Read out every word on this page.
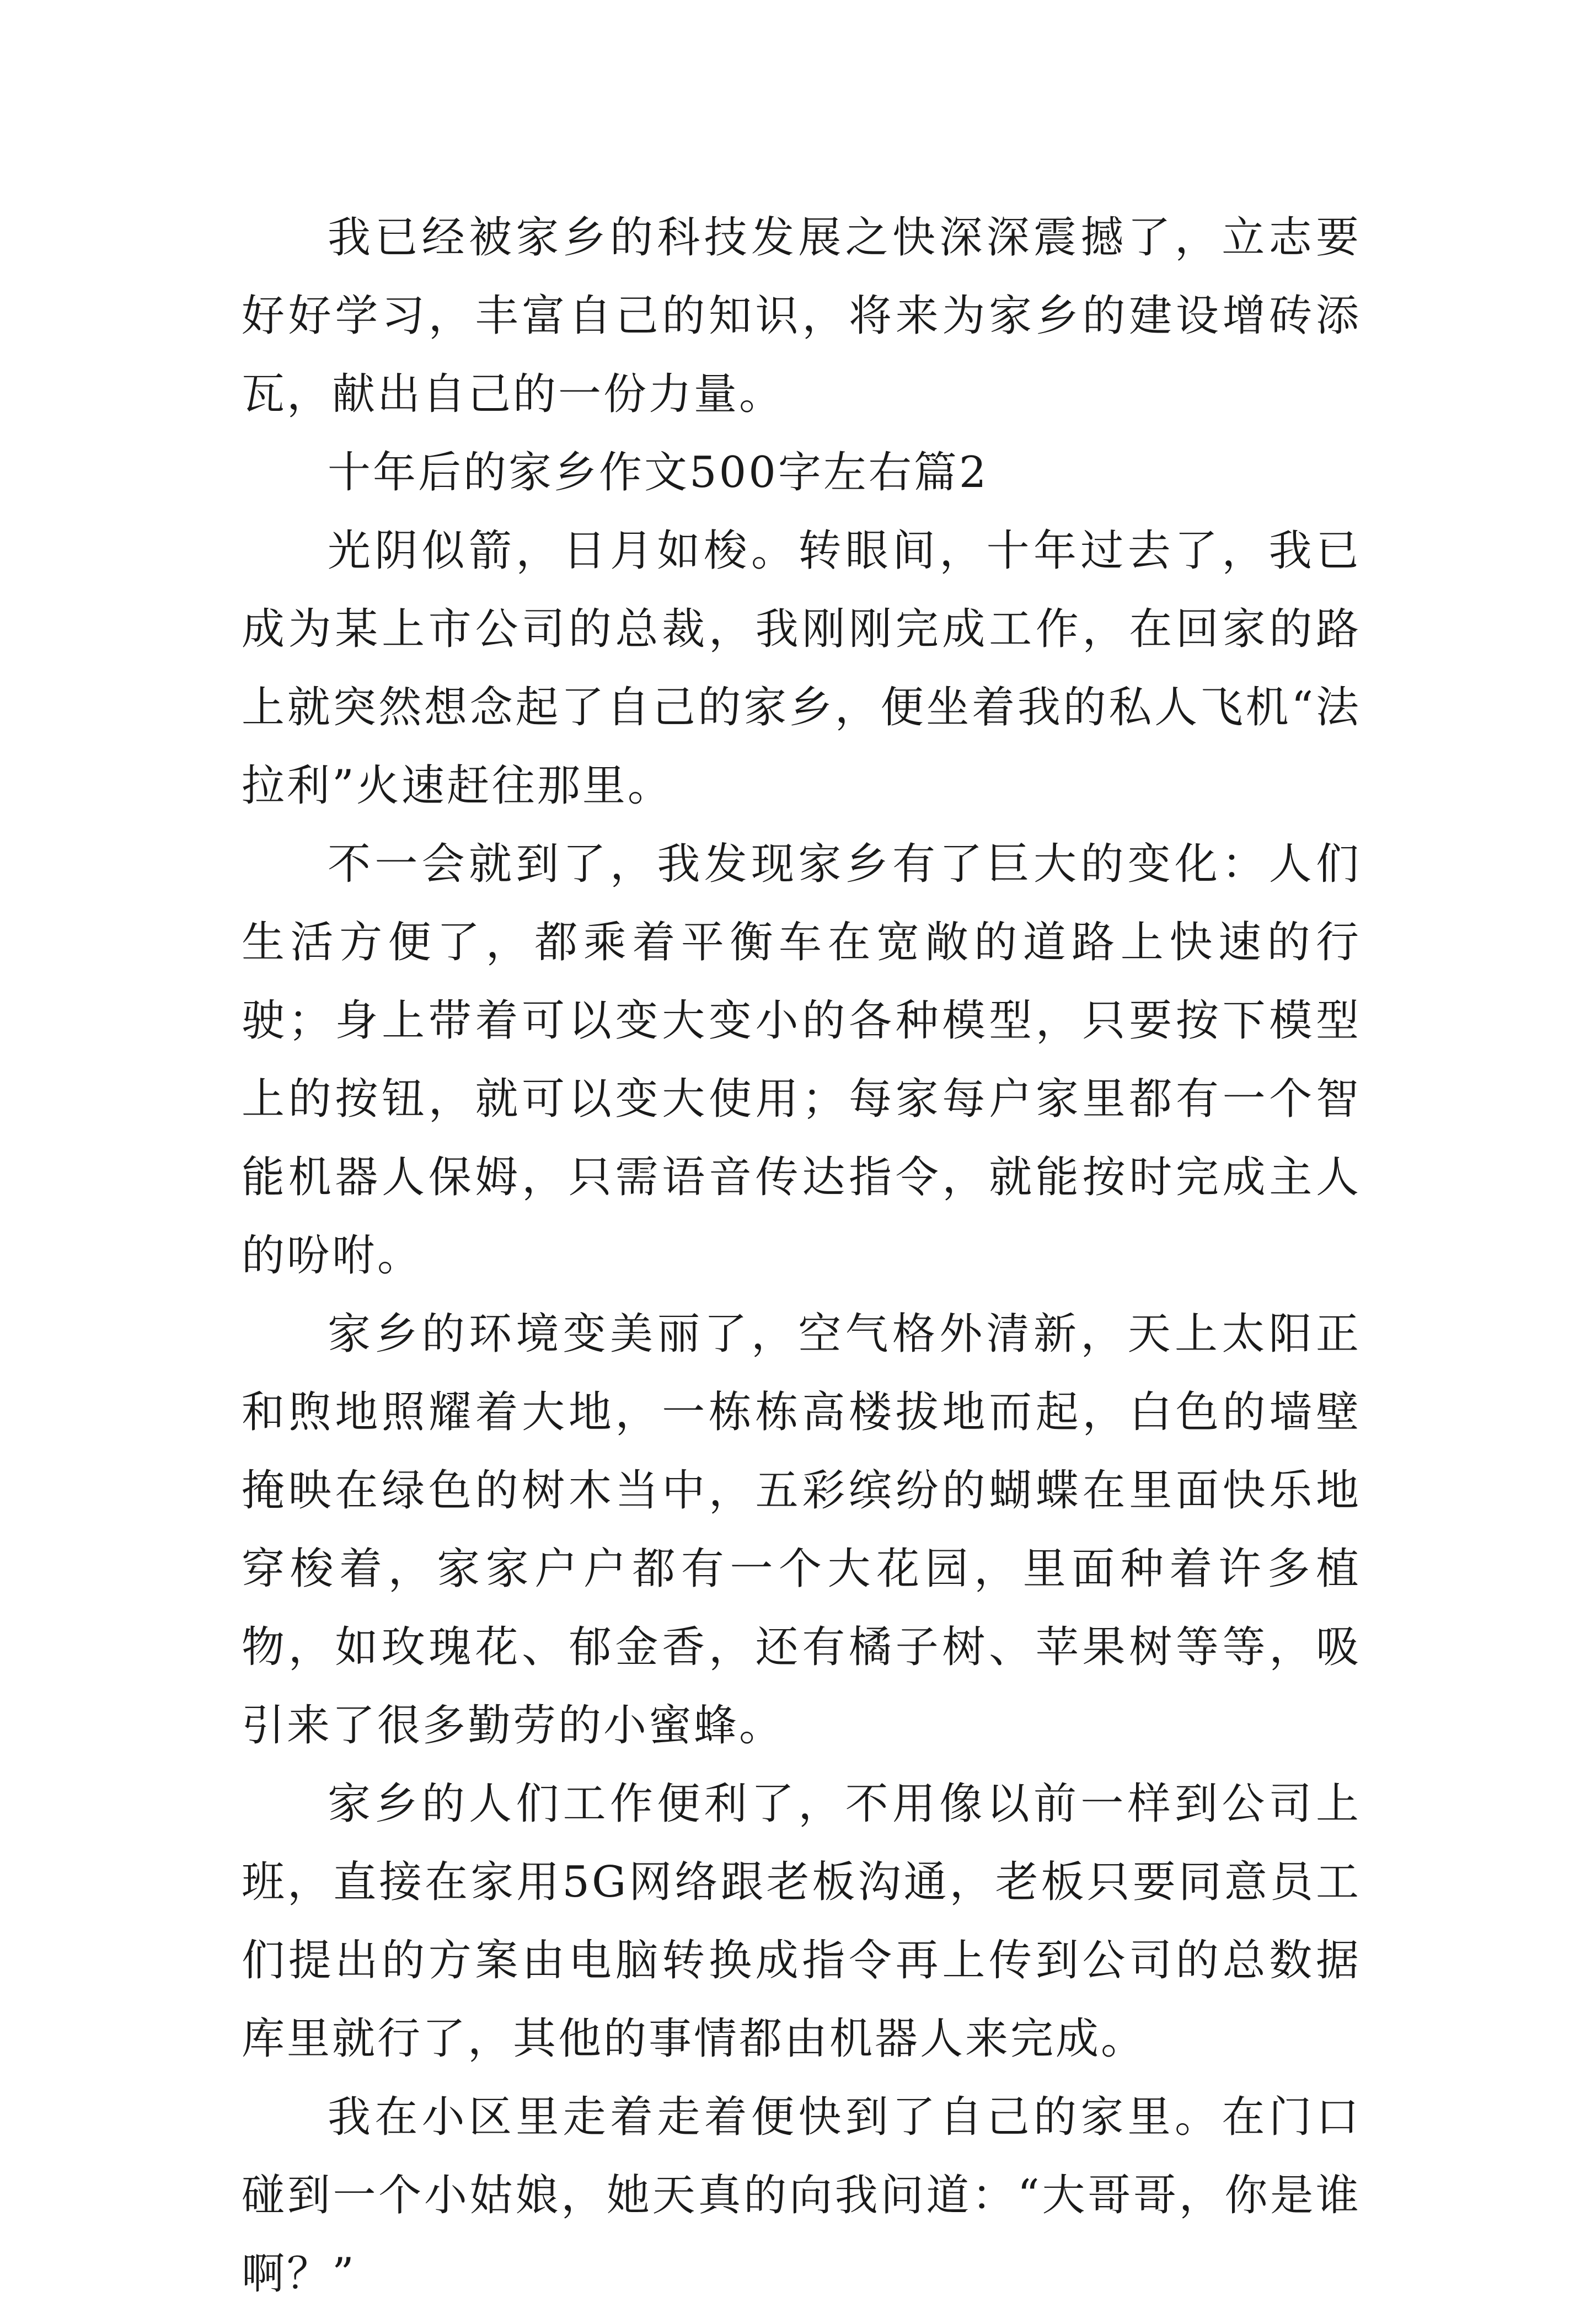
我已经被家乡的科技发展之快深深震撼了，立志要好好学习，丰富自己的知识，将来为家乡的建设增砖添瓦，献出自己的一份力量。

十年后的家乡作文500字左右篇2

光阴似箭，日月如梭。转眼间，十年过去了，我已成为某上市公司的总裁，我刚刚完成工作，在回家的路上就突然想念起了自己的家乡，便坐着我的私人飞机“法拉利”火速赶往那里。

不一会就到了，我发现家乡有了巨大的变化：人们生活方便了，都乘着平衡车在宽敞的道路上快速的行驶；身上带着可以变大变小的各种模型，只要按下模型上的按钮，就可以变大使用；每家每户家里都有一个智能机器人保姆，只需语音传达指令，就能按时完成主人的吩咐。

家乡的环境变美丽了，空气格外清新，天上太阳正和煦地照耀着大地，一栋栋高楼拔地而起，白色的墙壁掩映在绿色的树木当中，五彩缤纷的蝴蝶在里面快乐地穿梭着，家家户户都有一个大花园，里面种着许多植物，如玫瑰花、郁金香，还有橘子树、苹果树等等，吸引来了很多勤劳的小蜜蜂。

家乡的人们工作便利了，不用像以前一样到公司上班，直接在家用5G网络跟老板沟通，老板只要同意员工们提出的方案由电脑转换成指令再上传到公司的总数据库里就行了，其他的事情都由机器人来完成。

我在小区里走着走着便快到了自己的家里。在门口碰到一个小姑娘，她天真的向我问道：“大哥哥，你是谁啊？”
